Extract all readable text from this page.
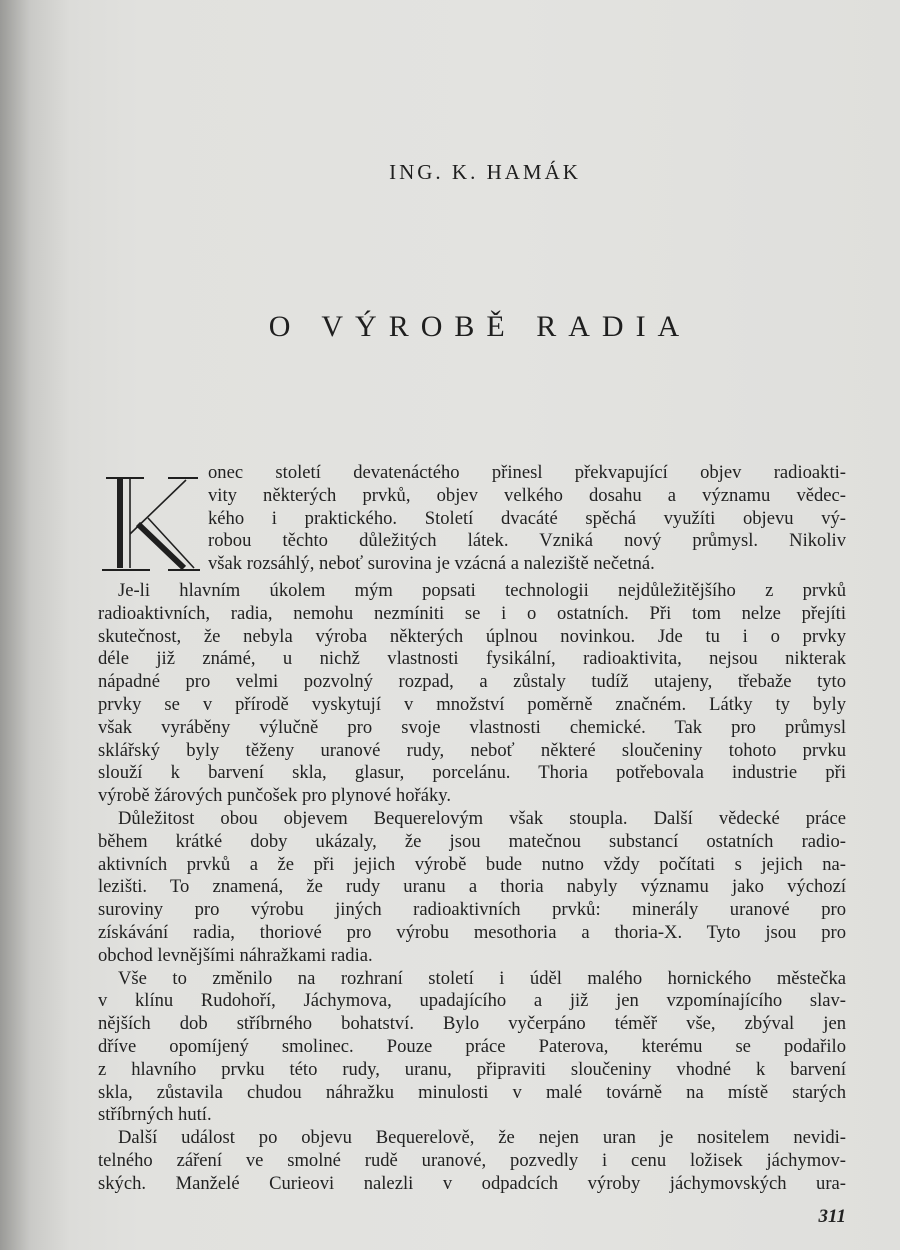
ING. K. HAMÁK
O VÝROBĚ RADIA
onec století devatenáctého přinesl překvapující objev radioakti-
vity některých prvků, objev velkého dosahu a významu vědec-
kého i praktického. Století dvacáté spěchá využíti objevu vý-
robou těchto důležitých látek. Vzniká nový průmysl. Nikoliv
však rozsáhlý, neboť surovina je vzácná a naleziště nečetná.
Je-li hlavním úkolem mým popsati technologii nejdůležitějšího z prvků
radioaktivních, radia, nemohu nezmíniti se i o ostatních. Při tom nelze přejíti
skutečnost, že nebyla výroba některých úplnou novinkou. Jde tu i o prvky
déle již známé, u nichž vlastnosti fysikální, radioaktivita, nejsou nikterak
nápadné pro velmi pozvolný rozpad, a zůstaly tudíž utajeny, třebaže tyto
prvky se v přírodě vyskytují v množství poměrně značném. Látky ty byly
však vyráběny výlučně pro svoje vlastnosti chemické. Tak pro průmysl
sklářský byly těženy uranové rudy, neboť některé sloučeniny tohoto prvku
slouží k barvení skla, glasur, porcelánu. Thoria potřebovala industrie při
výrobě žárových punčošek pro plynové hořáky.
Důležitost obou objevem Bequerelovým však stoupla. Další vědecké práce
během krátké doby ukázaly, že jsou matečnou substancí ostatních radio-
aktivních prvků a že při jejich výrobě bude nutno vždy počítati s jejich na-
lezišti. To znamená, že rudy uranu a thoria nabyly významu jako výchozí
suroviny pro výrobu jiných radioaktivních prvků: minerály uranové pro
získávání radia, thoriové pro výrobu mesothoria a thoria-X. Tyto jsou pro
obchod levnějšími náhražkami radia.
Vše to změnilo na rozhraní století i úděl malého hornického městečka
v klínu Rudohoří, Jáchymova, upadajícího a již jen vzpomínajícího slav-
nějších dob stříbrného bohatství. Bylo vyčerpáno téměř vše, zbýval jen
dříve opomíjený smolinec. Pouze práce Paterova, kterému se podařilo
z hlavního prvku této rudy, uranu, připraviti sloučeniny vhodné k barvení
skla, zůstavila chudou náhražku minulosti v malé továrně na místě starých
stříbrných hutí.
Další událost po objevu Bequerelově, že nejen uran je nositelem nevidi-
telného záření ve smolné rudě uranové, pozvedly i cenu ložisek jáchymov-
ských. Manželé Curieovi nalezli v odpadcích výroby jáchymovských ura-
311
